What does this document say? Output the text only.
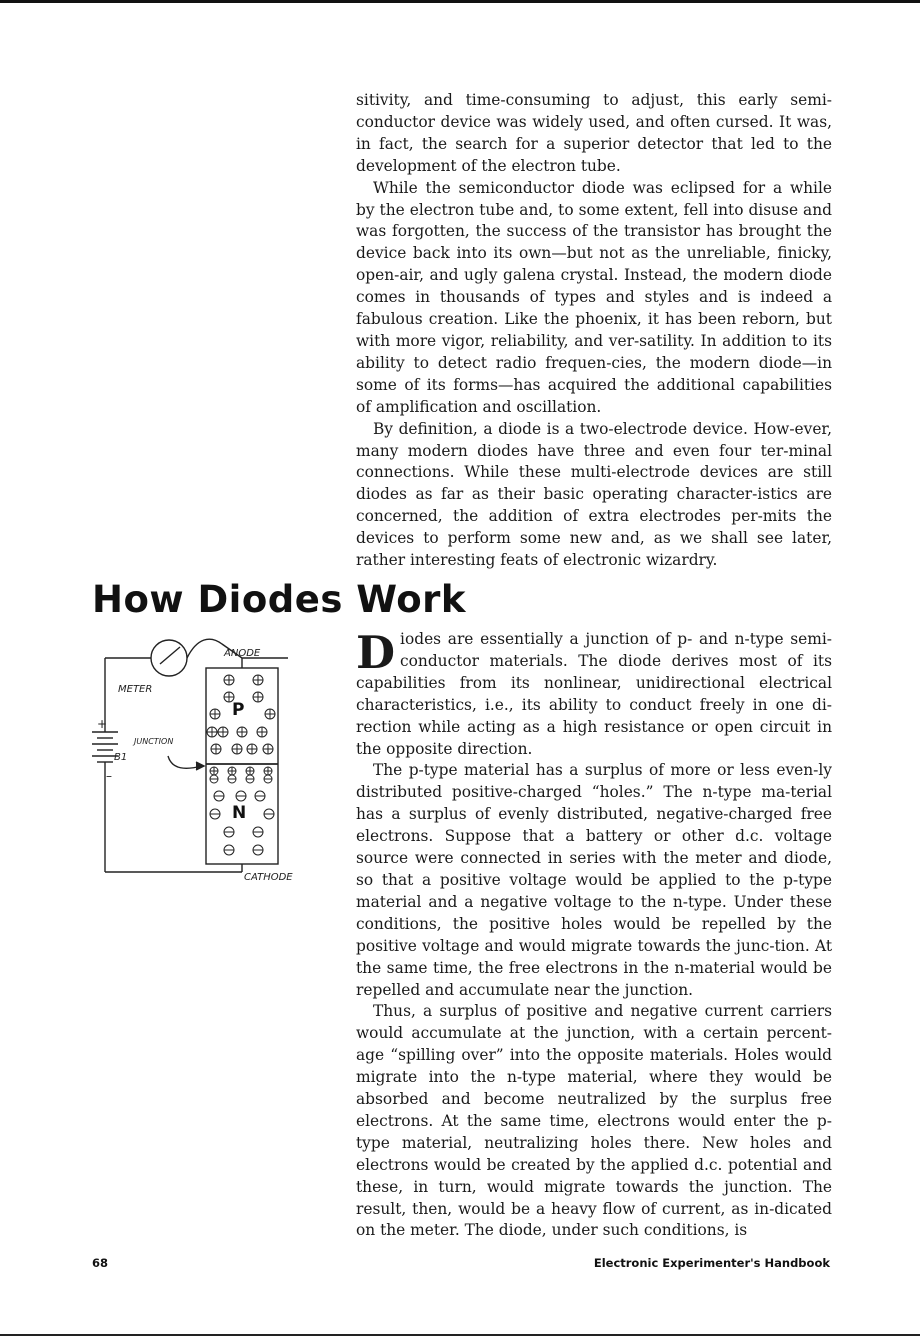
sitivity, and time-consuming to adjust, this early semi-conductor device was widely used, and often cursed. It was, in fact, the search for a superior detector that led to the development of the electron tube.

While the semiconductor diode was eclipsed for a while by the electron tube and, to some extent, fell into disuse and was forgotten, the success of the transistor has brought the device back into its own—but not as the unreliable, finicky, open-air, and ugly galena crystal. Instead, the modern diode comes in thousands of types and styles and is indeed a fabulous creation. Like the phoenix, it has been reborn, but with more vigor, reliability, and ver-satility. In addition to its ability to detect radio frequen-cies, the modern diode—in some of its forms—has acquired the additional capabilities of amplification and oscillation.

By definition, a diode is a two-electrode device. How-ever, many modern diodes have three and even four ter-minal connections. While these multi-electrode devices are still diodes as far as their basic operating character-istics are concerned, the addition of extra electrodes per-mits the devices to perform some new and, as we shall see later, rather interesting feats of electronic wizardry.

How Diodes Work
ANODE
METER
JUNCTION
B1
+
–
CATHODE
P
N

Diodes are essentially a junction of p- and n-type semi-conductor materials. The diode derives most of its capabilities from its nonlinear, unidirectional electrical characteristics, i.e., its ability to conduct freely in one di-rection while acting as a high resistance or open circuit in the opposite direction.

The p-type material has a surplus of more or less even-ly distributed positive-charged “holes.” The n-type ma-terial has a surplus of evenly distributed, negative-charged free electrons. Suppose that a battery or other d.c. voltage source were connected in series with the meter and diode, so that a positive voltage would be applied to the p-type material and a negative voltage to the n-type. Under these conditions, the positive holes would be repelled by the positive voltage and would migrate towards the junc-tion. At the same time, the free electrons in the n-material would be repelled and accumulate near the junction.

Thus, a surplus of positive and negative current carriers would accumulate at the junction, with a certain percent-age “spilling over” into the opposite materials. Holes would migrate into the n-type material, where they would be absorbed and become neutralized by the surplus free electrons. At the same time, electrons would enter the p-type material, neutralizing holes there. New holes and electrons would be created by the applied d.c. potential and these, in turn, would migrate towards the junction. The result, then, would be a heavy flow of current, as in-dicated on the meter. The diode, under such conditions, is

68	Electronic Experimenter's Handbook
